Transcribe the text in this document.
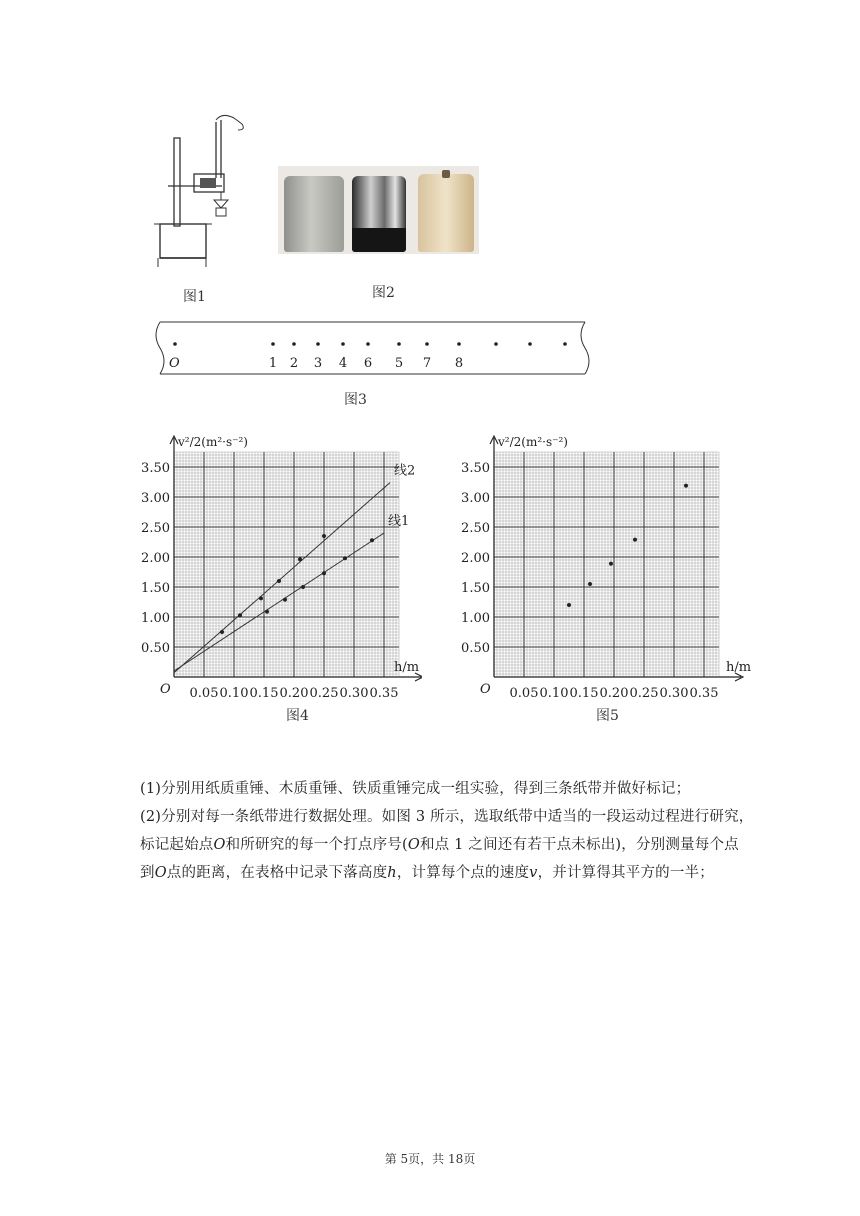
图1	图2
O	1 2 3 4 6 5 7 8
图3
0.05 0.10 0.15 0.20 0.25 0.30 0.35
0.50
1.00
1.50
2.00
2.50
3.00
3.50
O
v²/2(m²·s⁻²)
h/m
线2
线1
图4
0.05 0.10 0.15 0.20 0.25 0.30 0.35
0.50
1.00
1.50
2.00
2.50
3.00
3.50
O
v²/2(m²·s⁻²)
h/m
图5
(1)分别用纸质重锤、木质重锤、铁质重锤完成一组实验，得到三条纸带并做好标记；
(2)分别对每一条纸带进行数据处理。如图 3 所示，选取纸带中适当的一段运动过程进行研究，
标记起始点O和所研究的每一个打点序号(O和点 1 之间还有若干点未标出)，分别测量每个点
到O点的距离，在表格中记录下落高度h，计算每个点的速度v，并计算得其平方的一半；
第 5页，共 18页
